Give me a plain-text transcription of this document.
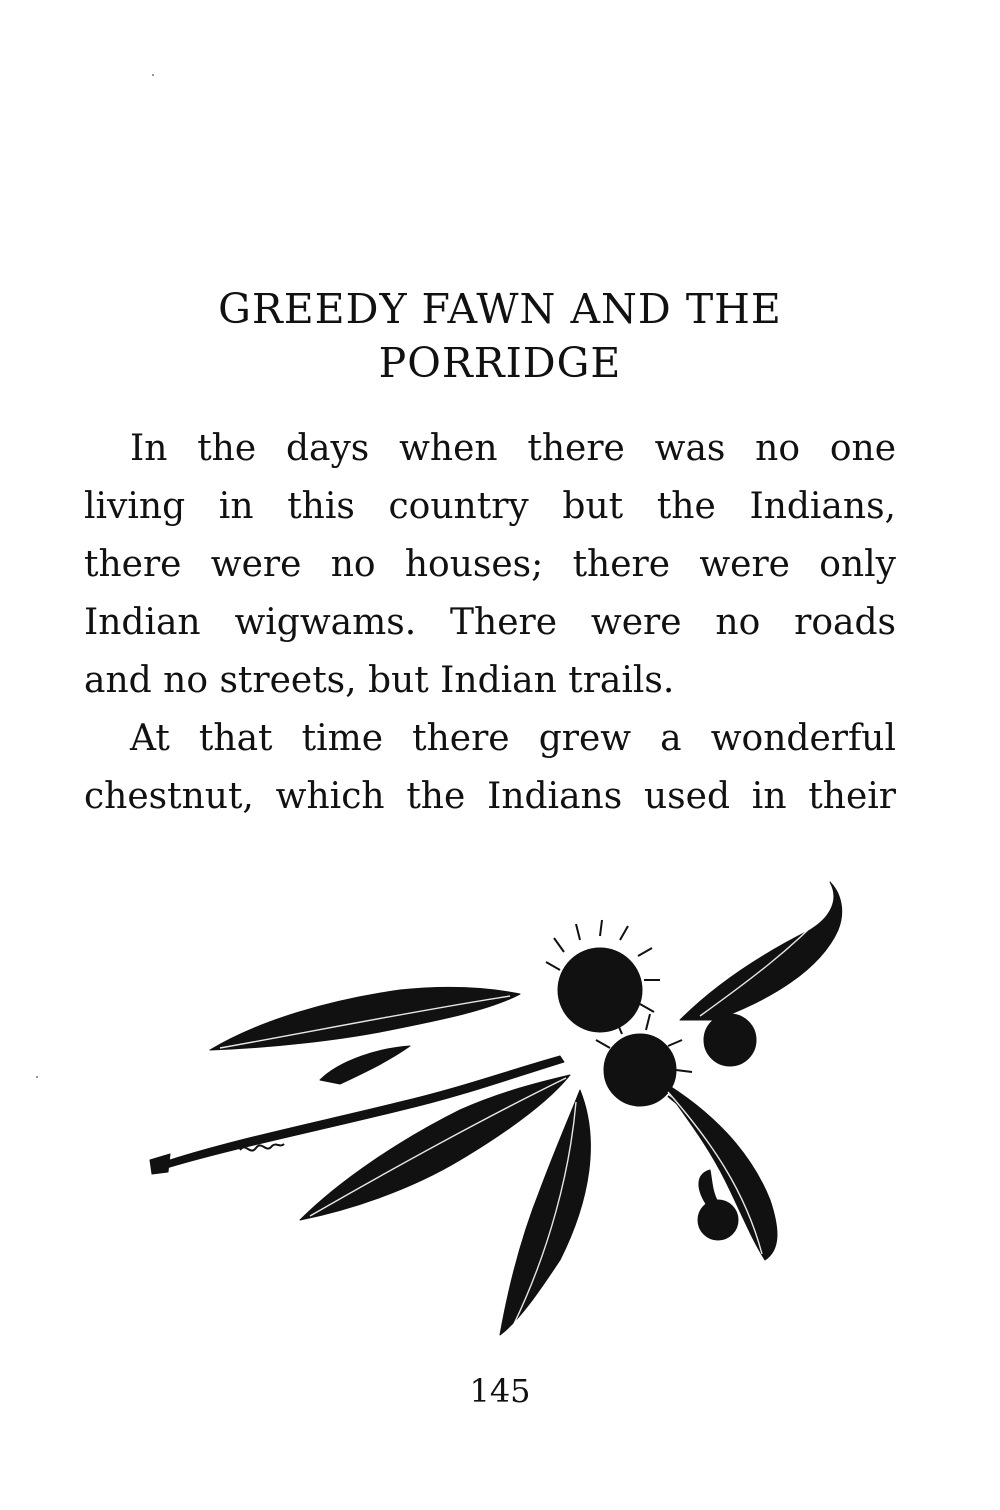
GREEDY FAWN AND THE
PORRIDGE
In the days when there was no one
living in this country but the Indians,
there were no houses; there were only
Indian wigwams. There were no roads
and no streets, but Indian trails.
At that time there grew a wonderful
chestnut, which the Indians used in their
145
